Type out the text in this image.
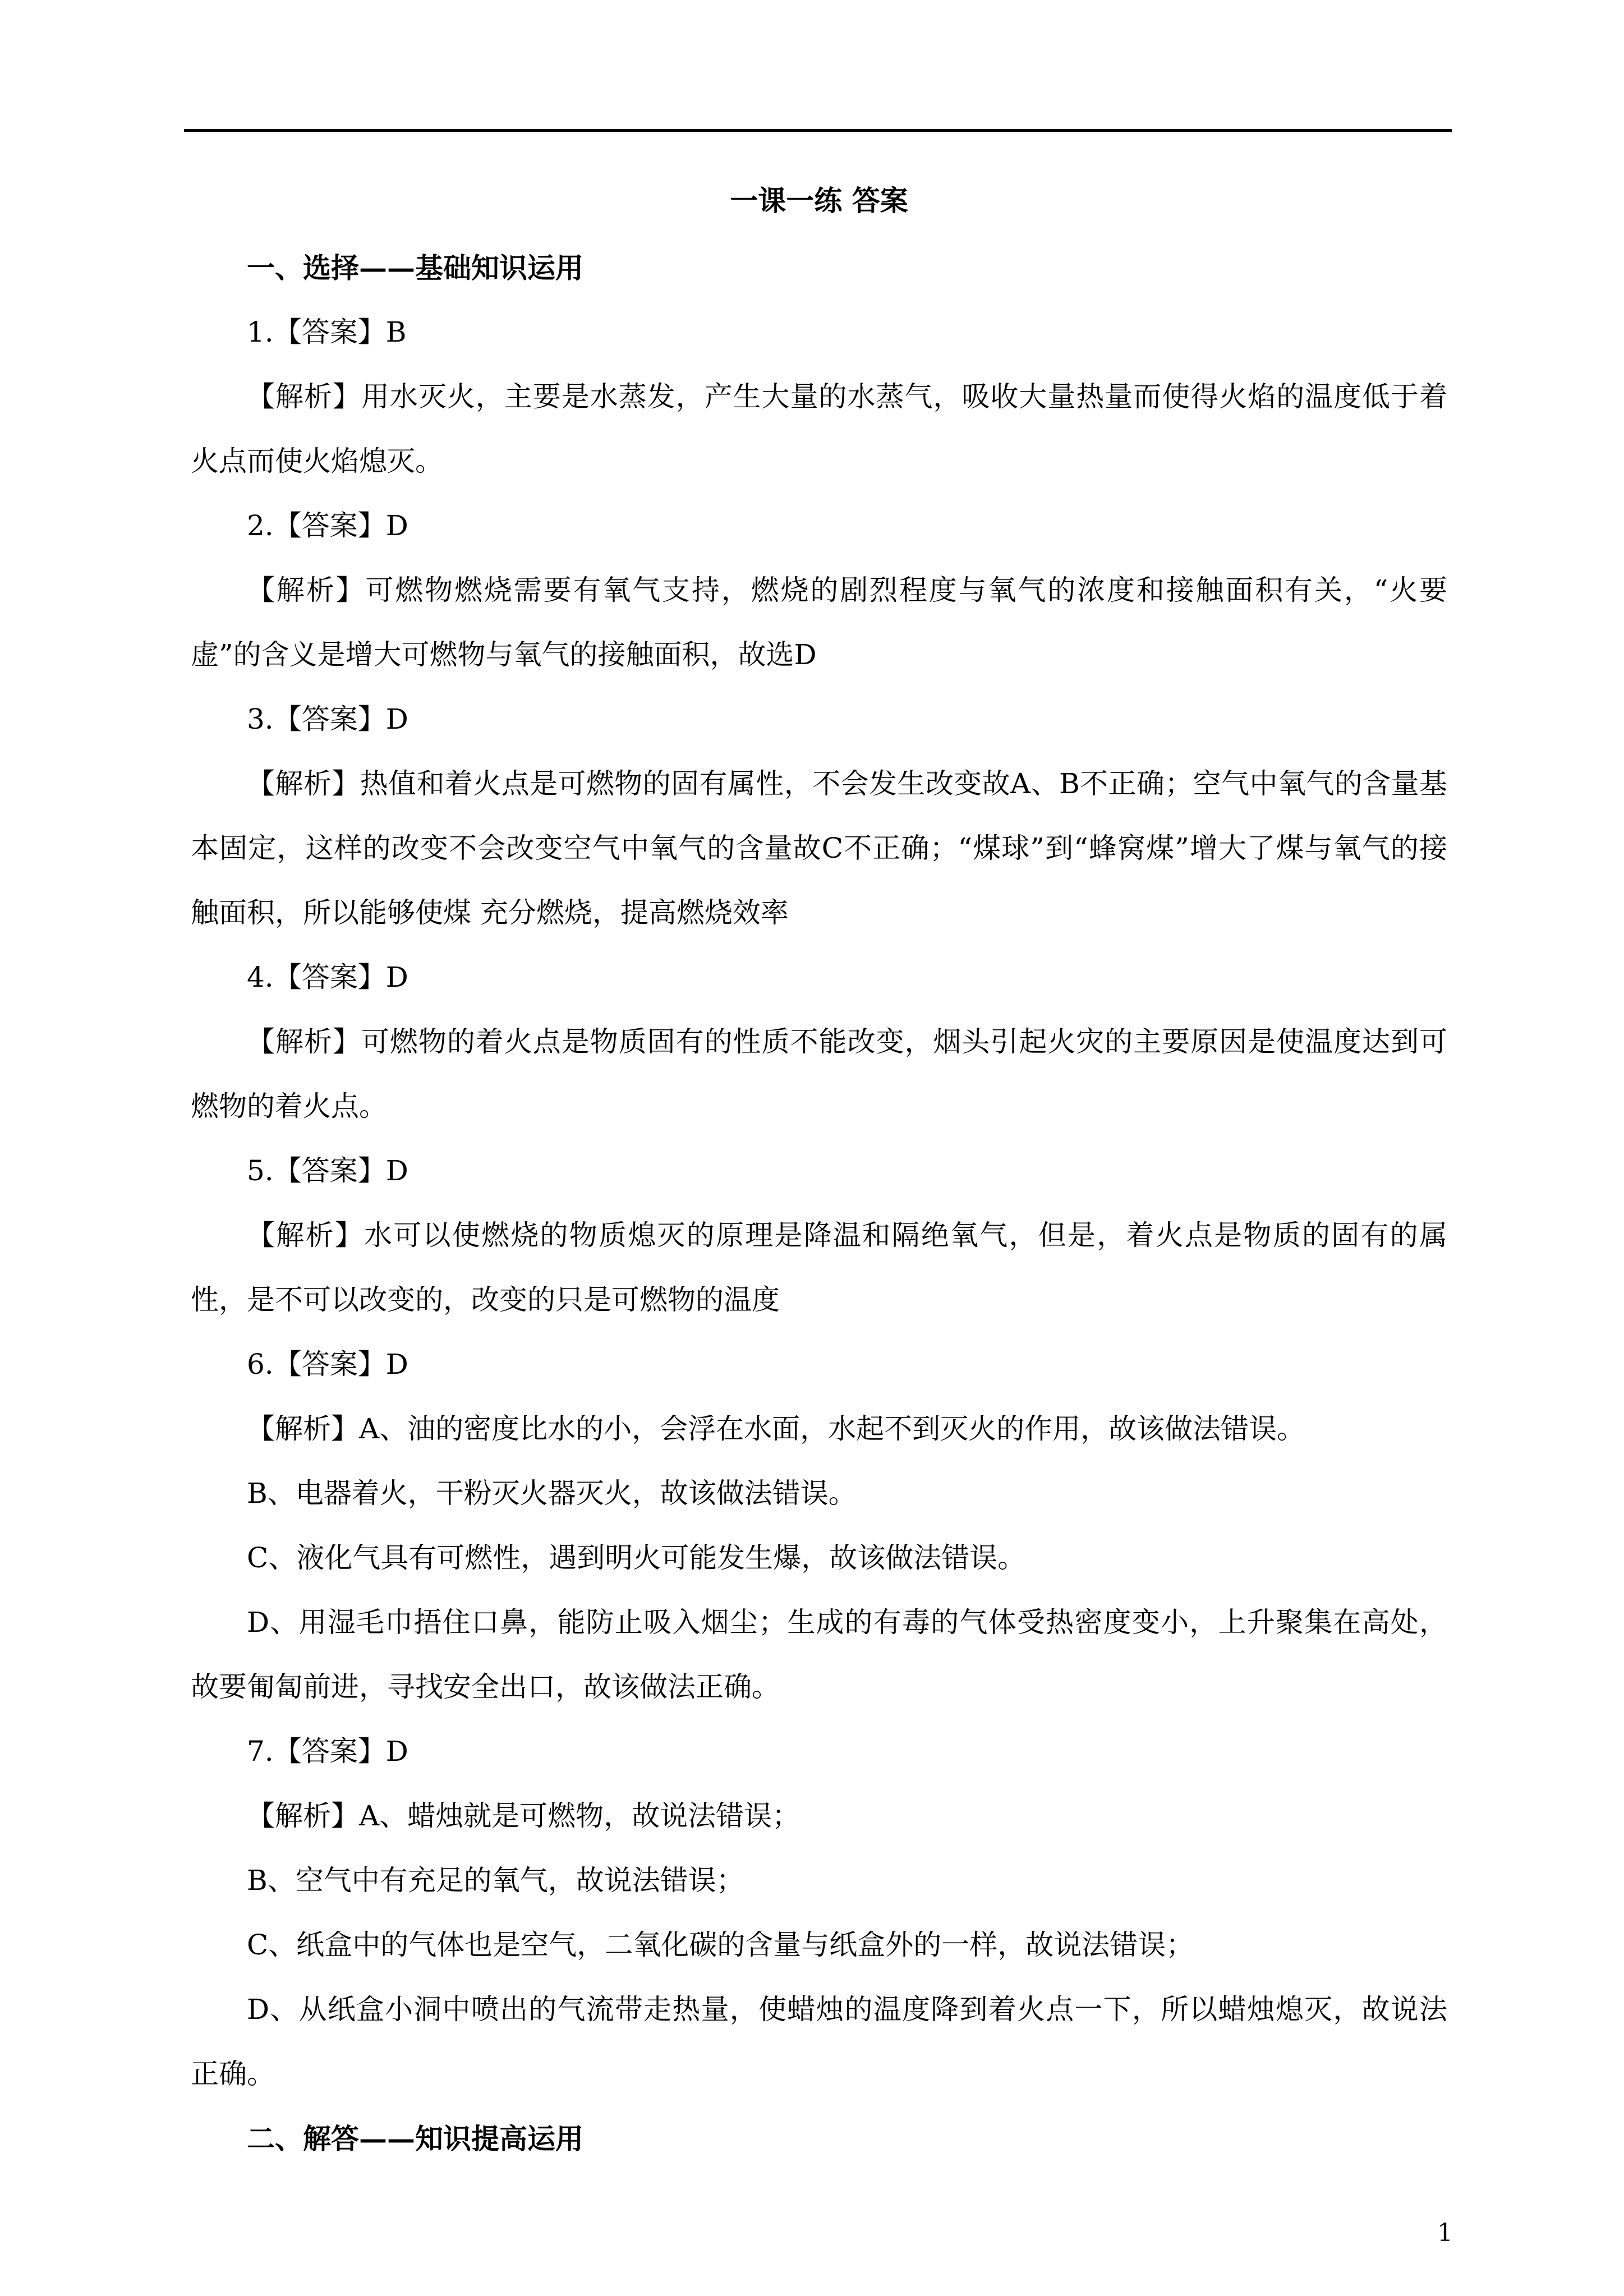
一课一练 答案

一、选择——基础知识运用

1.【答案】B

【解析】用水灭火，主要是水蒸发，产生大量的水蒸气，吸收大量热量而使得火焰的温度低于着火点而使火焰熄灭。

2.【答案】D

【解析】可燃物燃烧需要有氧气支持，燃烧的剧烈程度与氧气的浓度和接触面积有关，“火要虚”的含义是增大可燃物与氧气的接触面积，故选D

3.【答案】D

【解析】热值和着火点是可燃物的固有属性，不会发生改变故A、B不正确；空气中氧气的含量基本固定，这样的改变不会改变空气中氧气的含量故C不正确；“煤球”到“蜂窝煤”增大了煤与氧气的接触面积，所以能够使煤 充分燃烧，提高燃烧效率

4.【答案】D

【解析】可燃物的着火点是物质固有的性质不能改变，烟头引起火灾的主要原因是使温度达到可燃物的着火点。

5.【答案】D

【解析】水可以使燃烧的物质熄灭的原理是降温和隔绝氧气，但是，着火点是物质的固有的属性，是不可以改变的，改变的只是可燃物的温度

6.【答案】D

【解析】A、油的密度比水的小，会浮在水面，水起不到灭火的作用，故该做法错误。

B、电器着火，干粉灭火器灭火，故该做法错误。

C、液化气具有可燃性，遇到明火可能发生爆，故该做法错误。

D、用湿毛巾捂住口鼻，能防止吸入烟尘；生成的有毒的气体受热密度变小，上升聚集在高处，故要匍匐前进，寻找安全出口，故该做法正确。

7.【答案】D

【解析】A、蜡烛就是可燃物，故说法错误；

B、空气中有充足的氧气，故说法错误；

C、纸盒中的气体也是空气，二氧化碳的含量与纸盒外的一样，故说法错误；

D、从纸盒小洞中喷出的气流带走热量，使蜡烛的温度降到着火点一下，所以蜡烛熄灭，故说法正确。

二、解答——知识提高运用

1
